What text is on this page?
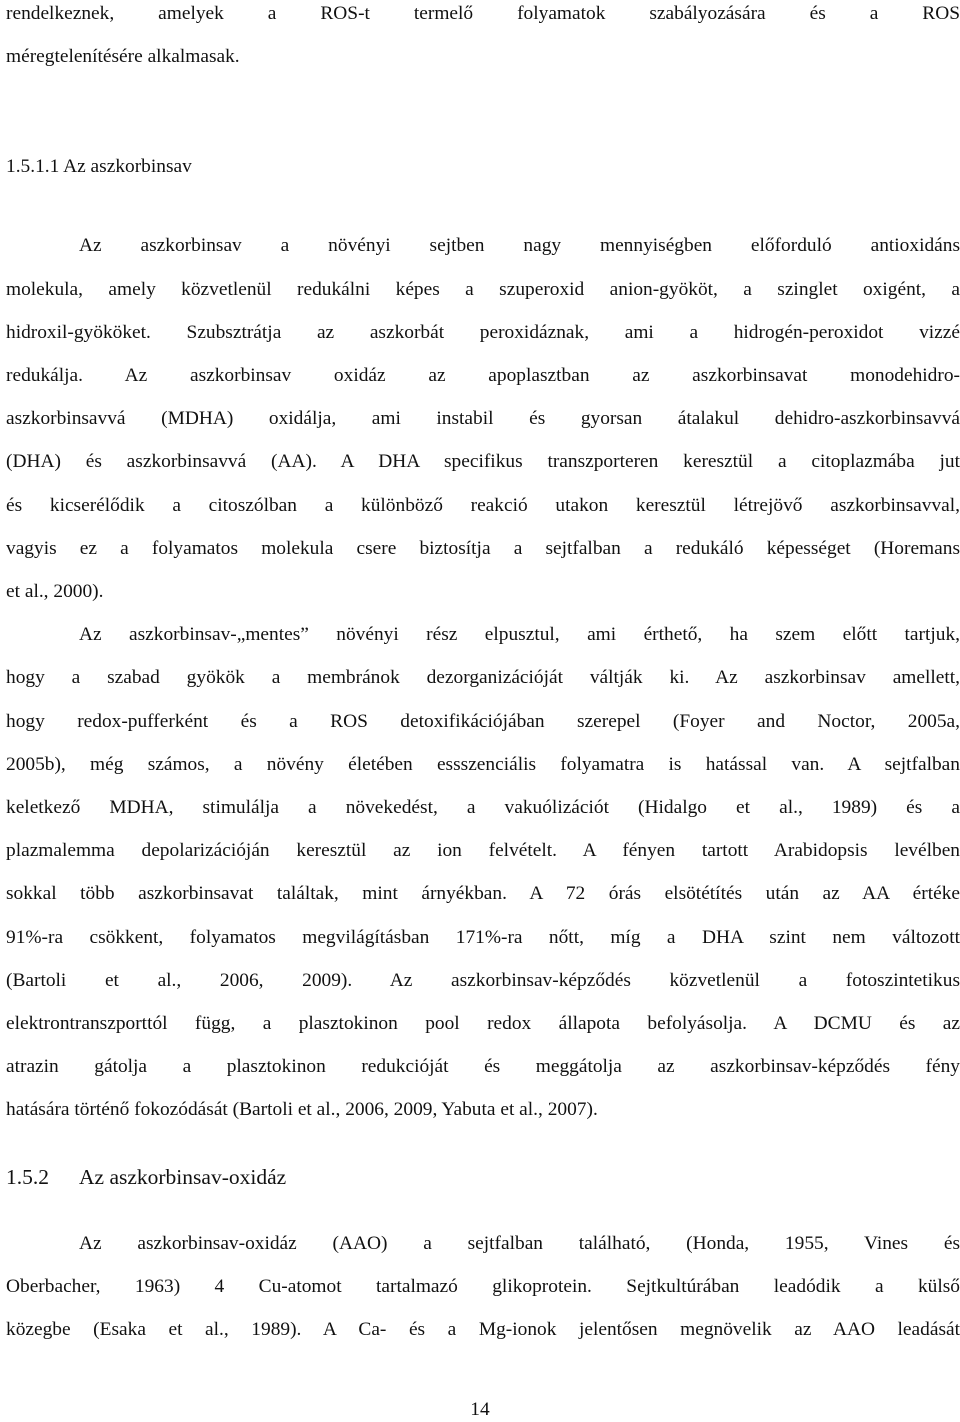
rendelkeznek, amelyek a ROS-t termelő folyamatok szabályozására és a ROS
méregtelenítésére alkalmasak.
1.5.1.1 Az aszkorbinsav
Az aszkorbinsav a növényi sejtben nagy mennyiségben előforduló antioxidáns
molekula, amely közvetlenül redukálni képes a szuperoxid anion-gyököt, a szinglet oxigént, a
hidroxil-gyököket. Szubsztrátja az aszkorbát peroxidáznak, ami a hidrogén-peroxidot vizzé
redukálja. Az aszkorbinsav oxidáz az apoplasztban az aszkorbinsavat monodehidro-
aszkorbinsavvá (MDHA) oxidálja, ami instabil és gyorsan átalakul dehidro-aszkorbinsavvá
(DHA) és aszkorbinsavvá (AA). A DHA specifikus transzporteren keresztül a citoplazmába jut
és kicserélődik a citoszólban a különböző reakció utakon keresztül létrejövő aszkorbinsavval,
vagyis ez a folyamatos molekula csere biztosítja a sejtfalban a redukáló képességet (Horemans
et al., 2000).
Az aszkorbinsav-„mentes” növényi rész elpusztul, ami érthető, ha szem előtt tartjuk,
hogy a szabad gyökök a membránok dezorganizációját váltják ki. Az aszkorbinsav amellett,
hogy redox-pufferként és a ROS detoxifikációjában szerepel (Foyer and Noctor, 2005a,
2005b), még számos, a növény életében essszenciális folyamatra is hatással van. A sejtfalban
keletkező MDHA, stimulálja a növekedést, a vakuólizációt (Hidalgo et al., 1989) és a
plazmalemma depolarizációján keresztül az ion felvételt. A fényen tartott Arabidopsis levélben
sokkal több aszkorbinsavat találtak, mint árnyékban. A 72 órás elsötétítés után az AA értéke
91%-ra csökkent, folyamatos megvilágításban 171%-ra nőtt, míg a DHA szint nem változott
(Bartoli et al., 2006, 2009). Az aszkorbinsav-képződés közvetlenül a fotoszintetikus
elektrontranszporttól függ, a plasztokinon pool redox állapota befolyásolja. A DCMU és az
atrazin gátolja a plasztokinon redukcióját és meggátolja az aszkorbinsav-képződés fény
hatására történő fokozódását (Bartoli et al., 2006, 2009, Yabuta et al., 2007).
1.5.2 Az aszkorbinsav-oxidáz
Az aszkorbinsav-oxidáz (AAO) a sejtfalban található, (Honda, 1955, Vines és
Oberbacher, 1963) 4 Cu-atomot tartalmazó glikoprotein. Sejtkultúrában leadódik a külső
közegbe (Esaka et al., 1989). A Ca- és a Mg-ionok jelentősen megnövelik az AAO leadását
14
